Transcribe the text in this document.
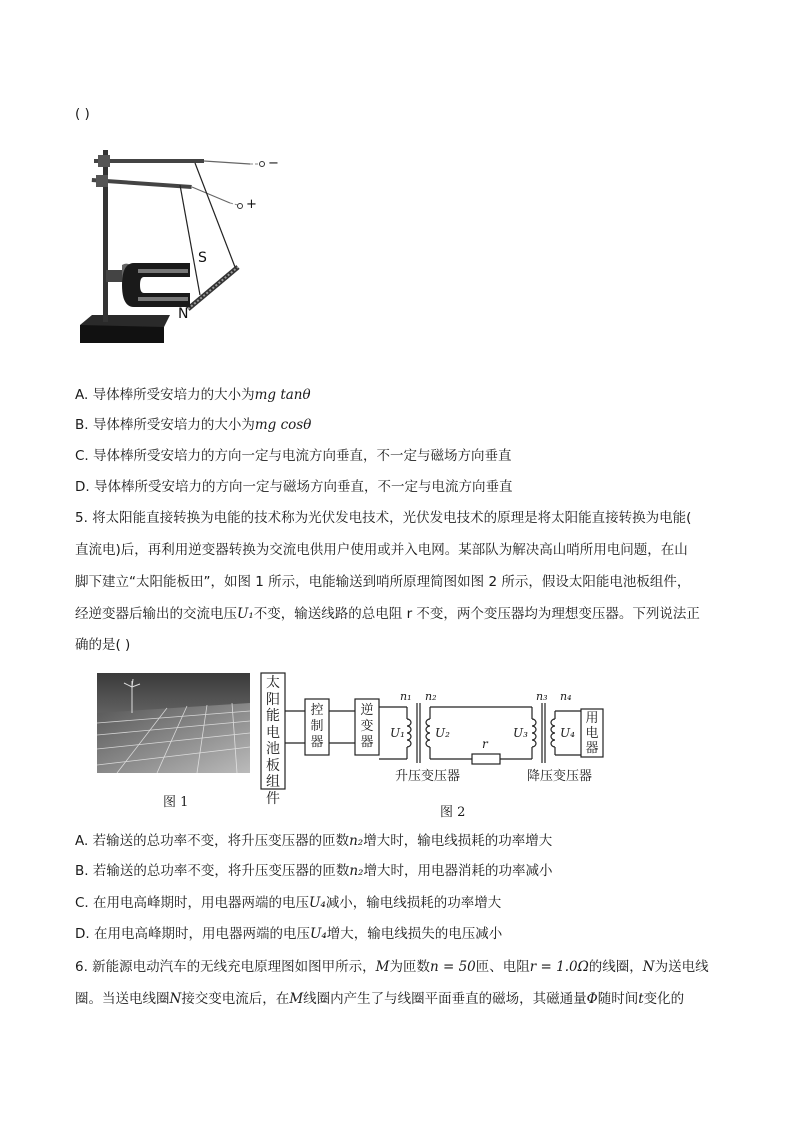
( )
S
N
−
+
A. 导体棒所受安培力的大小为mg tanθ
B. 导体棒所受安培力的大小为mg cosθ
C. 导体棒所受安培力的方向一定与电流方向垂直，不一定与磁场方向垂直
D. 导体棒所受安培力的方向一定与磁场方向垂直，不一定与电流方向垂直
5. 将太阳能直接转换为电能的技术称为光伏发电技术，光伏发电技术的原理是将太阳能直接转换为电能(
直流电)后，再利用逆变器转换为交流电供用户使用或并入电网。某部队为解决高山哨所用电问题，在山
脚下建立“太阳能板田”，如图 1 所示，电能输送到哨所原理简图如图 2 所示，假设太阳能电池板组件，
经逆变器后输出的交流电压U₁不变，输送线路的总电阻 r 不变，两个变压器均为理想变压器。下列说法正
确的是( )
图 1
太阳能电池板组件
控制器
逆变器
用电器
n₁ n₂	n₃ n₄
U₁	U₂	U₃	U₄
r
升压变压器	降压变压器
图 2
A. 若输送的总功率不变，将升压变压器的匝数n₂增大时，输电线损耗的功率增大
B. 若输送的总功率不变，将升压变压器的匝数n₂增大时，用电器消耗的功率减小
C. 在用电高峰期时，用电器两端的电压U₄减小，输电线损耗的功率增大
D. 在用电高峰期时，用电器两端的电压U₄增大，输电线损失的电压减小
6. 新能源电动汽车的无线充电原理图如图甲所示，M为匝数n = 50匝、电阻r = 1.0Ω的线圈，N为送电线
圈。当送电线圈N接交变电流后，在M线圈内产生了与线圈平面垂直的磁场，其磁通量Φ随时间t变化的
